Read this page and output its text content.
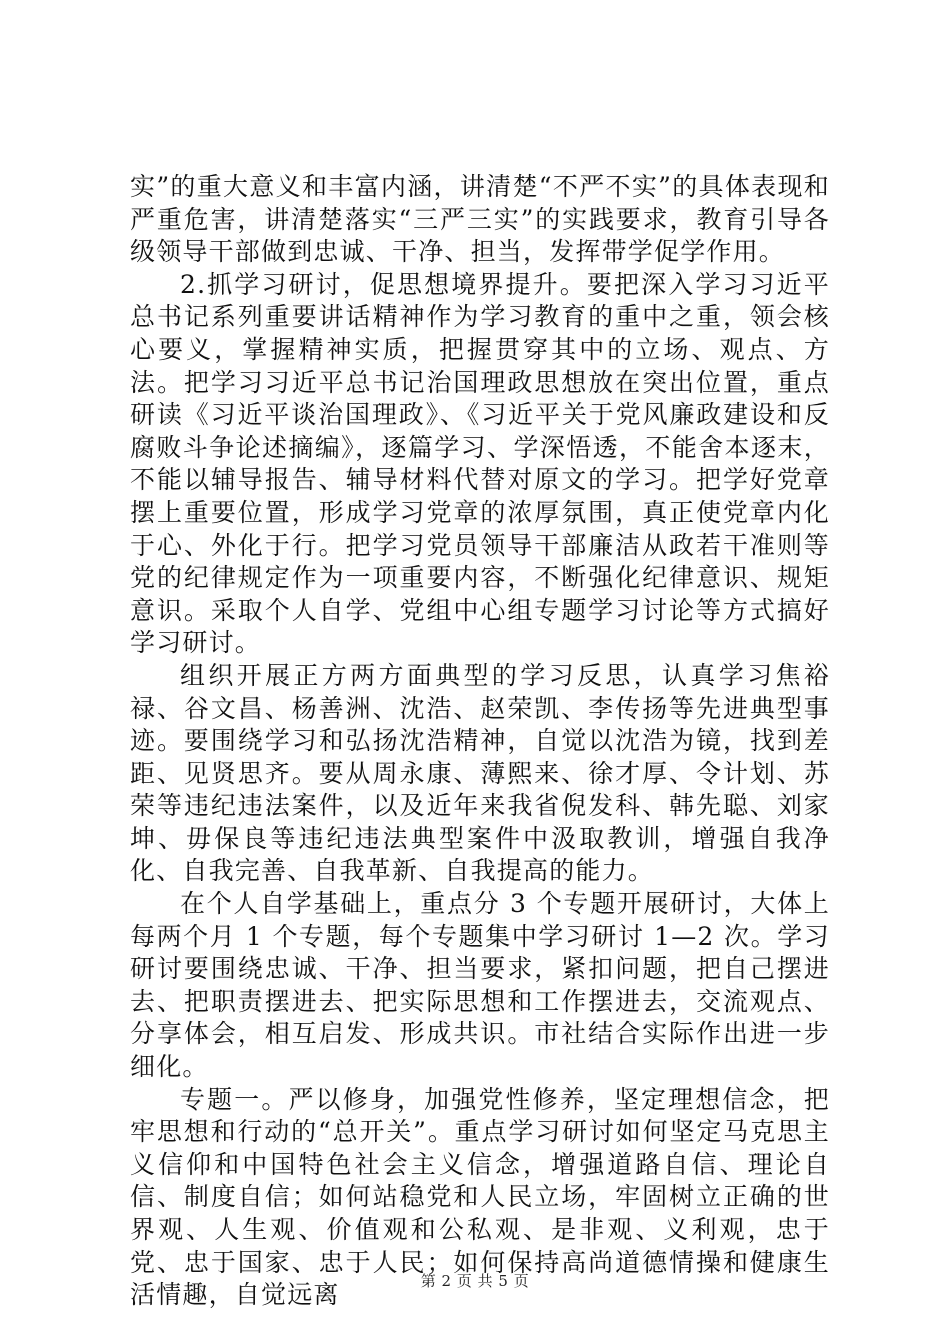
实”的重大意义和丰富内涵，讲清楚“不严不实”的具体表现和严重危害，讲清楚落实“三严三实”的实践要求，教育引导各级领导干部做到忠诚、干净、担当，发挥带学促学作用。

2.抓学习研讨，促思想境界提升。要把深入学习习近平总书记系列重要讲话精神作为学习教育的重中之重，领会核心要义，掌握精神实质，把握贯穿其中的立场、观点、方法。把学习习近平总书记治国理政思想放在突出位置，重点研读《习近平谈治国理政》、《习近平关于党风廉政建设和反腐败斗争论述摘编》，逐篇学习、学深悟透，不能舍本逐末，不能以辅导报告、辅导材料代替对原文的学习。把学好党章摆上重要位置，形成学习党章的浓厚氛围，真正使党章内化于心、外化于行。把学习党员领导干部廉洁从政若干准则等党的纪律规定作为一项重要内容，不断强化纪律意识、规矩意识。采取个人自学、党组中心组专题学习讨论等方式搞好学习研讨。

组织开展正方两方面典型的学习反思，认真学习焦裕禄、谷文昌、杨善洲、沈浩、赵荣凯、李传扬等先进典型事迹。要围绕学习和弘扬沈浩精神，自觉以沈浩为镜，找到差距、见贤思齐。要从周永康、薄熙来、徐才厚、令计划、苏荣等违纪违法案件，以及近年来我省倪发科、韩先聪、刘家坤、毋保良等违纪违法典型案件中汲取教训，增强自我净化、自我完善、自我革新、自我提高的能力。

在个人自学基础上，重点分 3 个专题开展研讨，大体上每两个月 1 个专题，每个专题集中学习研讨 1—2 次。学习研讨要围绕忠诚、干净、担当要求，紧扣问题，把自己摆进去、把职责摆进去、把实际思想和工作摆进去，交流观点、分享体会，相互启发、形成共识。市社结合实际作出进一步细化。

专题一。严以修身，加强党性修养，坚定理想信念，把牢思想和行动的“总开关”。重点学习研讨如何坚定马克思主义信仰和中国特色社会主义信念，增强道路自信、理论自信、制度自信；如何站稳党和人民立场，牢固树立正确的世界观、人生观、价值观和公私观、是非观、义利观，忠于党、忠于国家、忠于人民；如何保持高尚道德情操和健康生活情趣，自觉远离	第 2 页 共 5 页
